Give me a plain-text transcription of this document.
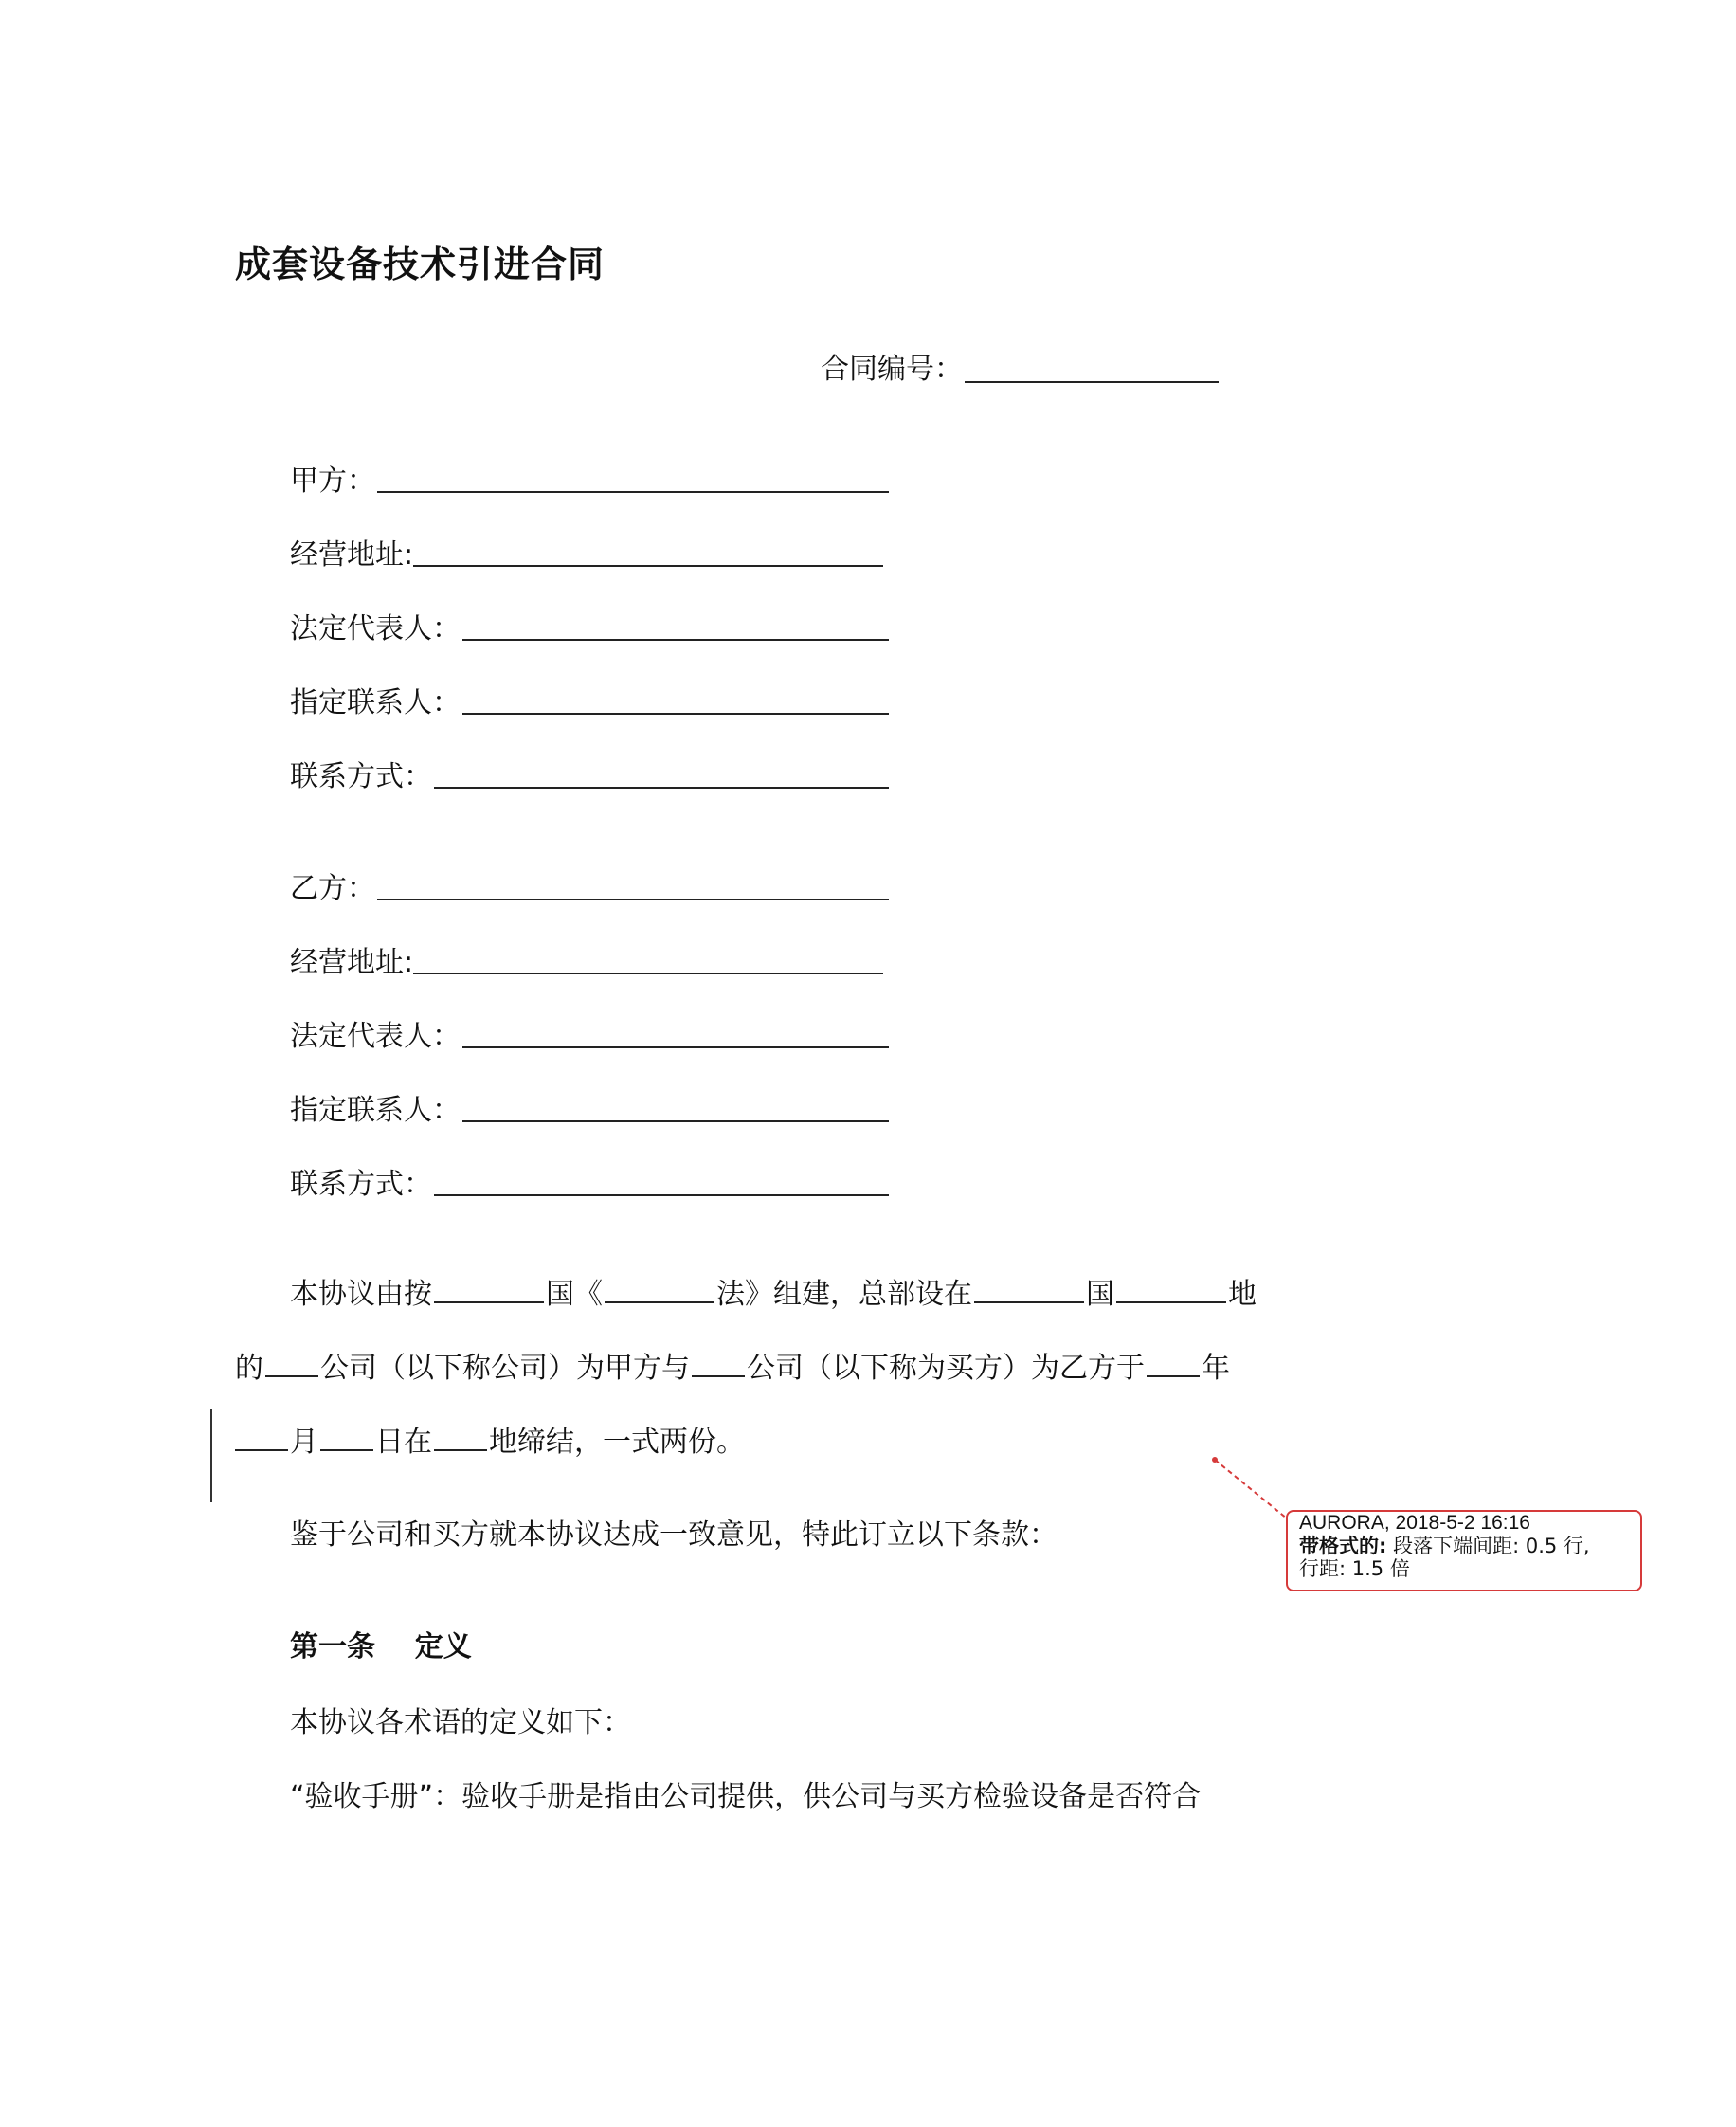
成套设备技术引进合同
合同编号：
甲方：
经营地址:
法定代表人：
指定联系人：
联系方式：
乙方：
经营地址:
法定代表人：
指定联系人：
联系方式：
本协议由按	国《	法》组建，总部设在	国	地
的 公司（以下称公司）为甲方与 公司（以下称为买方）为乙方于 年
月 日在 地缔结，一式两份。
鉴于公司和买方就本协议达成一致意见，特此订立以下条款：
第一条    定义
本协议各术语的定义如下：
“验收手册”：验收手册是指由公司提供，供公司与买方检验设备是否符合
AURORA, 2018-5-2 16:16
带格式的: 段落下端间距: 0.5 行,
行距: 1.5 倍
